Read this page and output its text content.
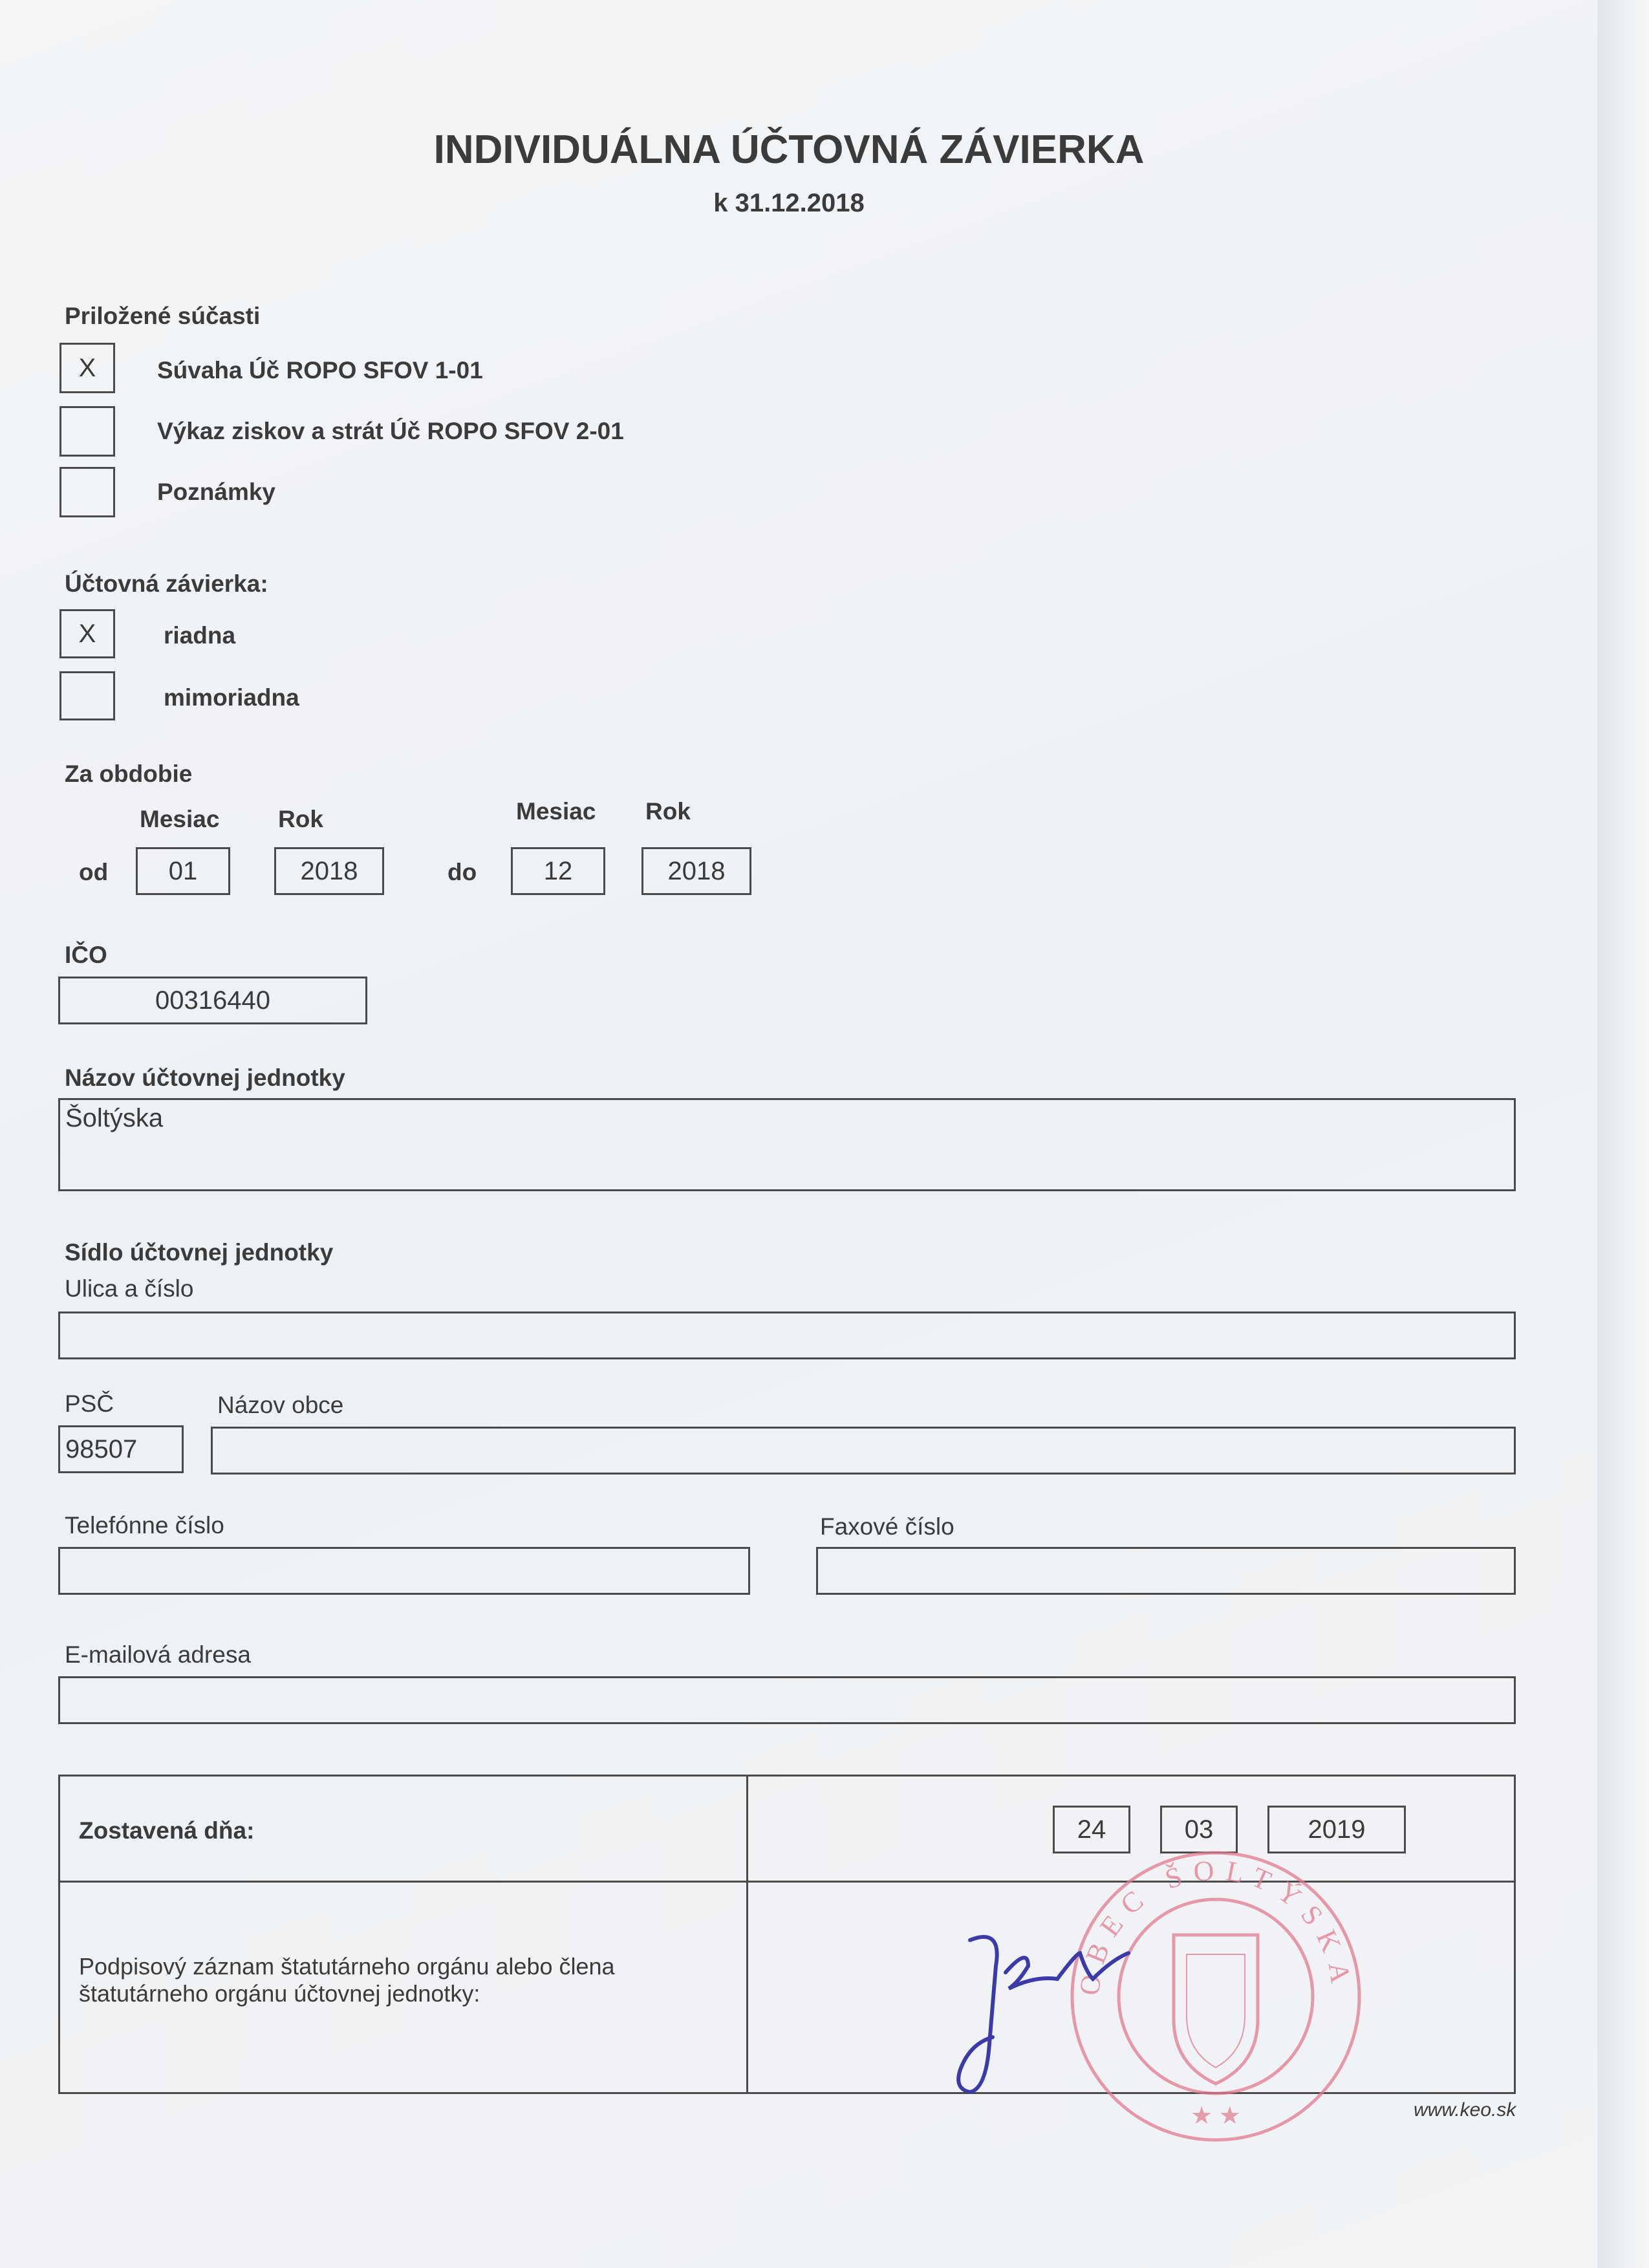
INDIVIDUÁLNA ÚČTOVNÁ ZÁVIERKA
k 31.12.2018
Priložené súčasti
X	Súvaha Úč ROPO SFOV 1-01
Výkaz ziskov a strát Úč ROPO SFOV 2-01
Poznámky
Účtovná závierka:
X	riadna
mimoriadna
Za obdobie
Mesiac Rok	Mesiac Rok
od	01	2018	do	12	2018
IČO
00316440
Názov účtovnej jednotky
Šoltýska
Sídlo účtovnej jednotky
Ulica a číslo
PSČ	Názov obce
98507
Telefónne číslo	Faxové číslo
E-mailová adresa
Zostavená dňa:	24	03	2019
Podpisový záznam štatutárneho orgánu alebo člena
štatutárneho orgánu účtovnej jednotky:	OBEC ŠOLTÝSKA
★ ★	www.keo.sk
